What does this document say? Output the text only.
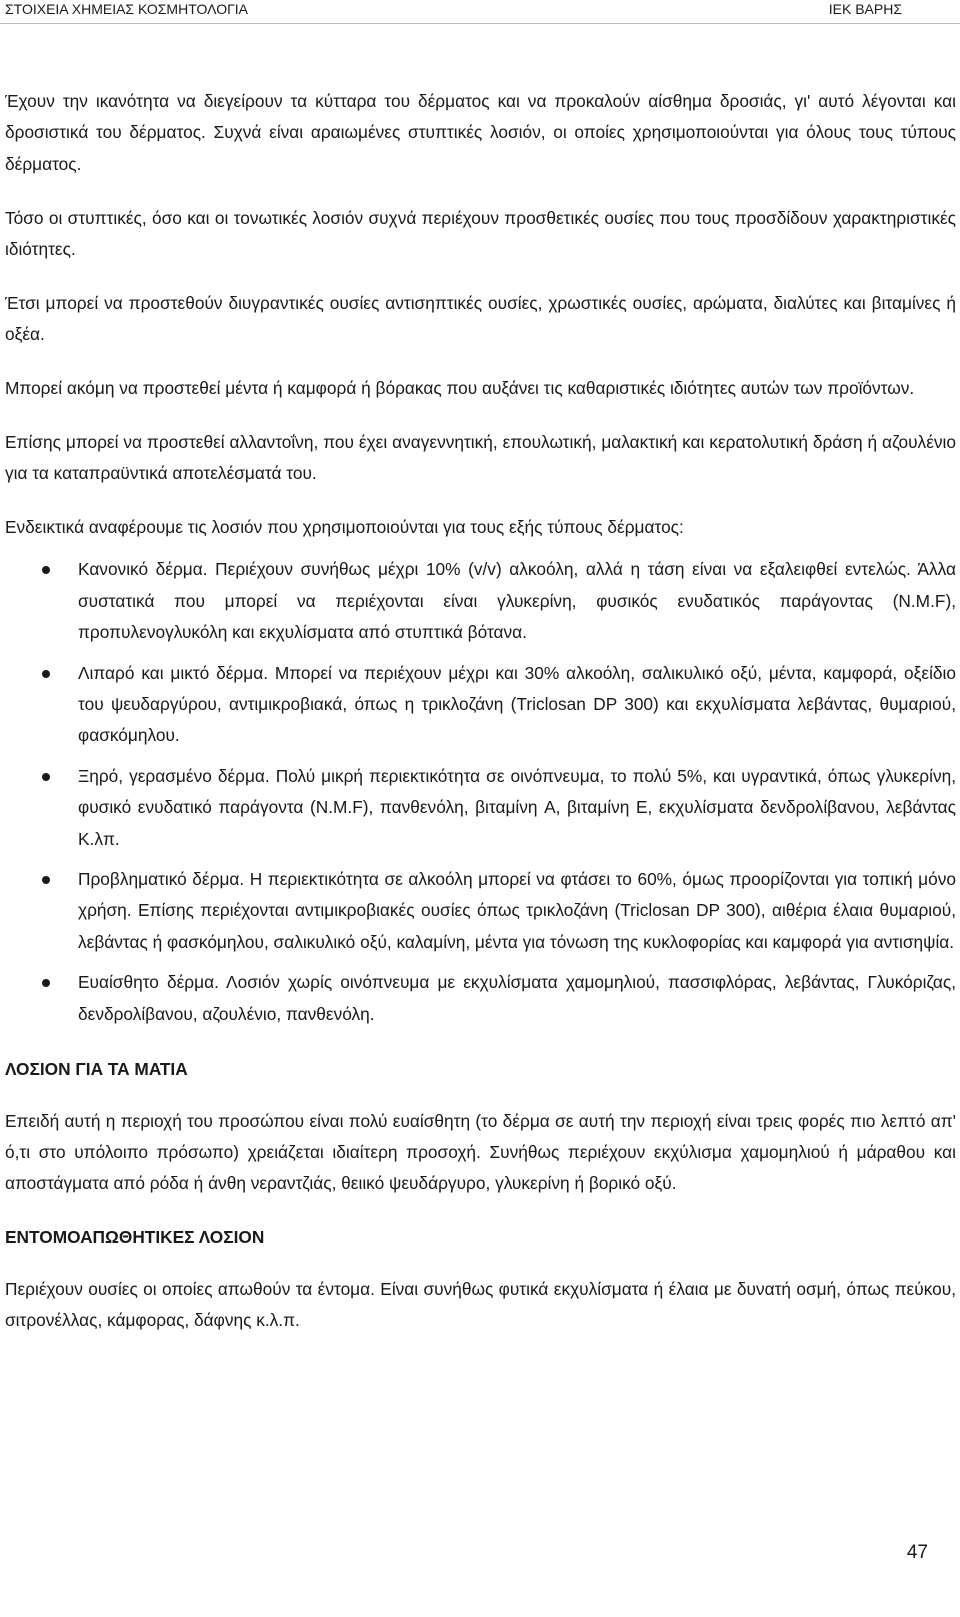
ΣΤΟΙΧΕΙΑ ΧΗΜΕΙΑΣ ΚΟΣΜΗΤΟΛΟΓΙΑ	ΙΕΚ ΒΑΡΗΣ

Έχουν την ικανότητα να διεγείρουν τα κύτταρα του δέρματος και να προκαλούν αίσθημα δροσιάς, γι' αυτό λέγονται και δροσιστικά του δέρματος. Συχνά είναι αραιωμένες στυπτικές λοσιόν, οι οποίες χρησιμοποιούνται για όλους τους τύπους δέρματος.

Τόσο οι στυπτικές, όσο και οι τονωτικές λοσιόν συχνά περιέχουν προσθετικές ουσίες που τους προσδίδουν χαρακτηριστικές ιδιότητες.

Έτσι μπορεί να προστεθούν διυγραντικές ουσίες αντισηπτικές ουσίες, χρωστικές ουσίες, αρώματα, διαλύτες και βιταμίνες ή οξέα.

Μπορεί ακόμη να προστεθεί μέντα ή καμφορά ή βόρακας που αυξάνει τις καθαριστικές ιδιότητες αυτών των προϊόντων.

Επίσης μπορεί να προστεθεί αλλαντοΐνη, που έχει αναγεννητική, επουλωτική, μαλακτική και κερατολυτική δράση ή αζουλένιο για τα καταπραϋντικά αποτελέσματά του.

Ενδεικτικά αναφέρουμε τις λοσιόν που χρησιμοποιούνται για τους εξής τύπους δέρματος:

Κανονικό δέρμα. Περιέχουν συνήθως μέχρι 10% (v/v) αλκοόλη, αλλά η τάση είναι να εξαλειφθεί εντελώς. Άλλα συστατικά που μπορεί να περιέχονται είναι γλυκερίνη, φυσικός ενυδατικός παράγοντας (N.M.F), προπυλενογλυκόλη και εκχυλίσματα από στυπτικά βότανα.
Λιπαρό και μικτό δέρμα. Μπορεί να περιέχουν μέχρι και 30% αλκοόλη, σαλικυλικό οξύ, μέντα, καμφορά, οξείδιο του ψευδαργύρου, αντιμικροβιακά, όπως η τρικλοζάνη (Triclosan DP 300) και εκχυλίσματα λεβάντας, θυμαριού, φασκόμηλου.
Ξηρό, γερασμένο δέρμα. Πολύ μικρή περιεκτικότητα σε οινόπνευμα, το πολύ 5%, και υγραντικά, όπως γλυκερίνη, φυσικό ενυδατικό παράγοντα (N.M.F), πανθενόλη, βιταμίνη A, βιταμίνη Ε, εκχυλίσματα δενδρολίβανου, λεβάντας Κ.λπ.
Προβληματικό δέρμα. Η περιεκτικότητα σε αλκοόλη μπορεί να φτάσει το 60%, όμως προορίζονται για τοπική μόνο χρήση. Επίσης περιέχονται αντιμικροβιακές ουσίες όπως τρικλοζάνη (Triclosan DP 300), αιθέρια έλαια θυμαριού, λεβάντας ή φασκόμηλου, σαλικυλικό οξύ, καλαμίνη, μέντα για τόνωση της κυκλοφορίας και καμφορά για αντισηψία.
Ευαίσθητο δέρμα. Λοσιόν χωρίς οινόπνευμα με εκχυλίσματα χαμομηλιού, πασσιφλόρας, λεβάντας, Γλυκόριζας, δενδρολίβανου, αζουλένιο, πανθενόλη.
ΛΟΣΙΟΝ ΓΙΑ ΤΑ ΜΑΤΙΑ

Επειδή αυτή η περιοχή του προσώπου είναι πολύ ευαίσθητη (το δέρμα σε αυτή την περιοχή είναι τρεις φορές πιο λεπτό απ' ό,τι στο υπόλοιπο πρόσωπο) χρειάζεται ιδιαίτερη προσοχή. Συνήθως περιέχουν εκχύλισμα χαμομηλιού ή μάραθου και αποστάγματα από ρόδα ή άνθη νεραντζιάς, θειικό ψευδάργυρο, γλυκερίνη ή βορικό οξύ.

ΕΝΤΟΜΟΑΠΩΘΗΤΙΚΕΣ ΛΟΣΙΟΝ

Περιέχουν ουσίες οι οποίες απωθούν τα έντομα. Είναι συνήθως φυτικά εκχυλίσματα ή έλαια με δυνατή οσμή, όπως πεύκου, σιτρονέλλας, κάμφορας, δάφνης κ.λ.π.

47
